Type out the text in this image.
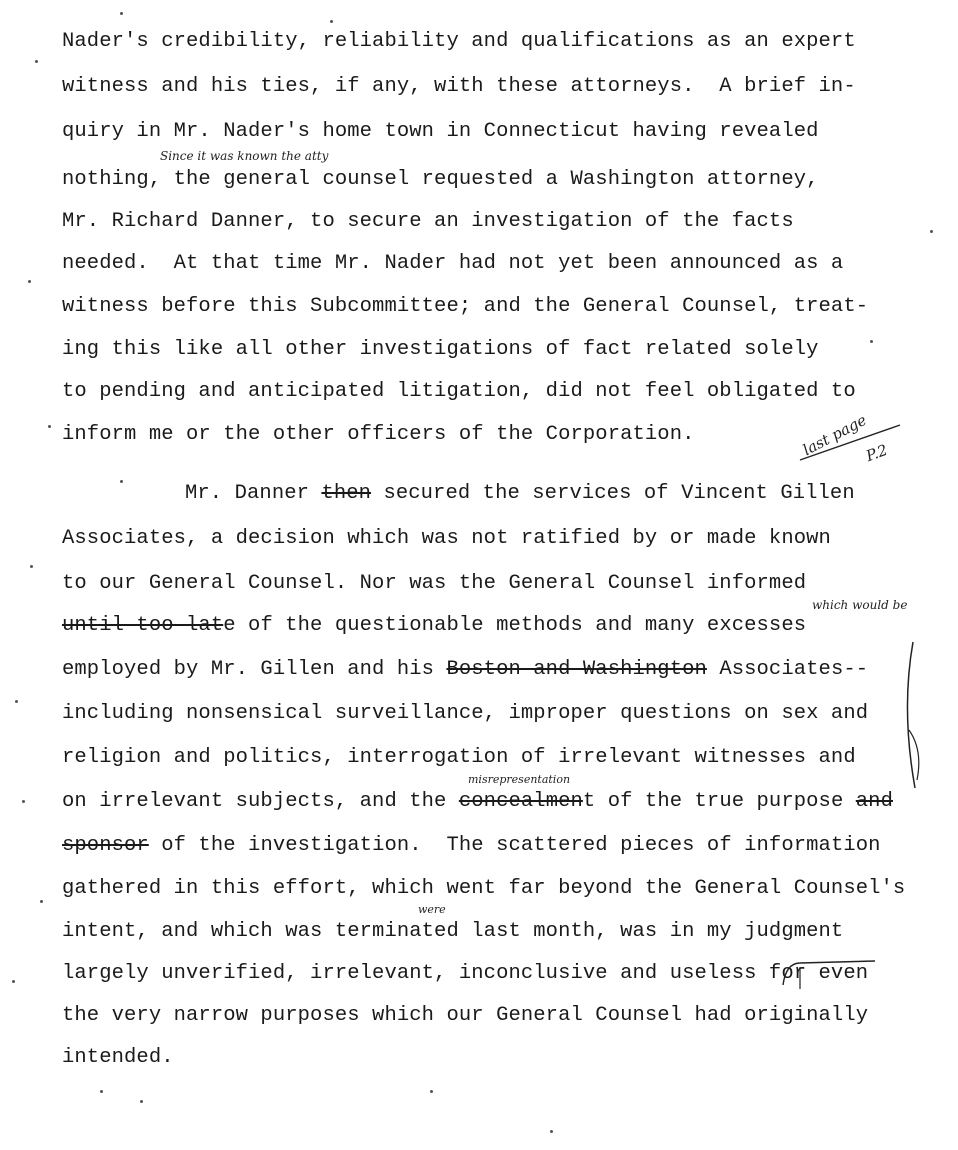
Nader's credibility, reliability and qualifications as an expert
witness and his ties, if any, with these attorneys.  A brief in-
quiry in Mr. Nader's home town in Connecticut having revealed
nothing, the general counsel requested a Washington attorney,
Mr. Richard Danner, to secure an investigation of the facts
needed.  At that time Mr. Nader had not yet been announced as a
witness before this Subcommittee; and the General Counsel, treat-
ing this like all other investigations of fact related solely
to pending and anticipated litigation, did not feel obligated to
inform me or the other officers of the Corporation.
Mr. Danner then secured the services of Vincent Gillen
Associates, a decision which was not ratified by or made known
to our General Counsel. Nor was the General Counsel informed
until too late of the questionable methods and many excesses
employed by Mr. Gillen and his Boston and Washington Associates--
including nonsensical surveillance, improper questions on sex and
religion and politics, interrogation of irrelevant witnesses and
on irrelevant subjects, and the concealment of the true purpose and
sponsor of the investigation.  The scattered pieces of information
gathered in this effort, which went far beyond the General Counsel's
intent, and which was terminated last month, was in my judgment
largely unverified, irrelevant, inconclusive and useless for even
the very narrow purposes which our General Counsel had originally
intended.
Since it was known the atty
last page
P.2
which would be
misrepresentation
were
